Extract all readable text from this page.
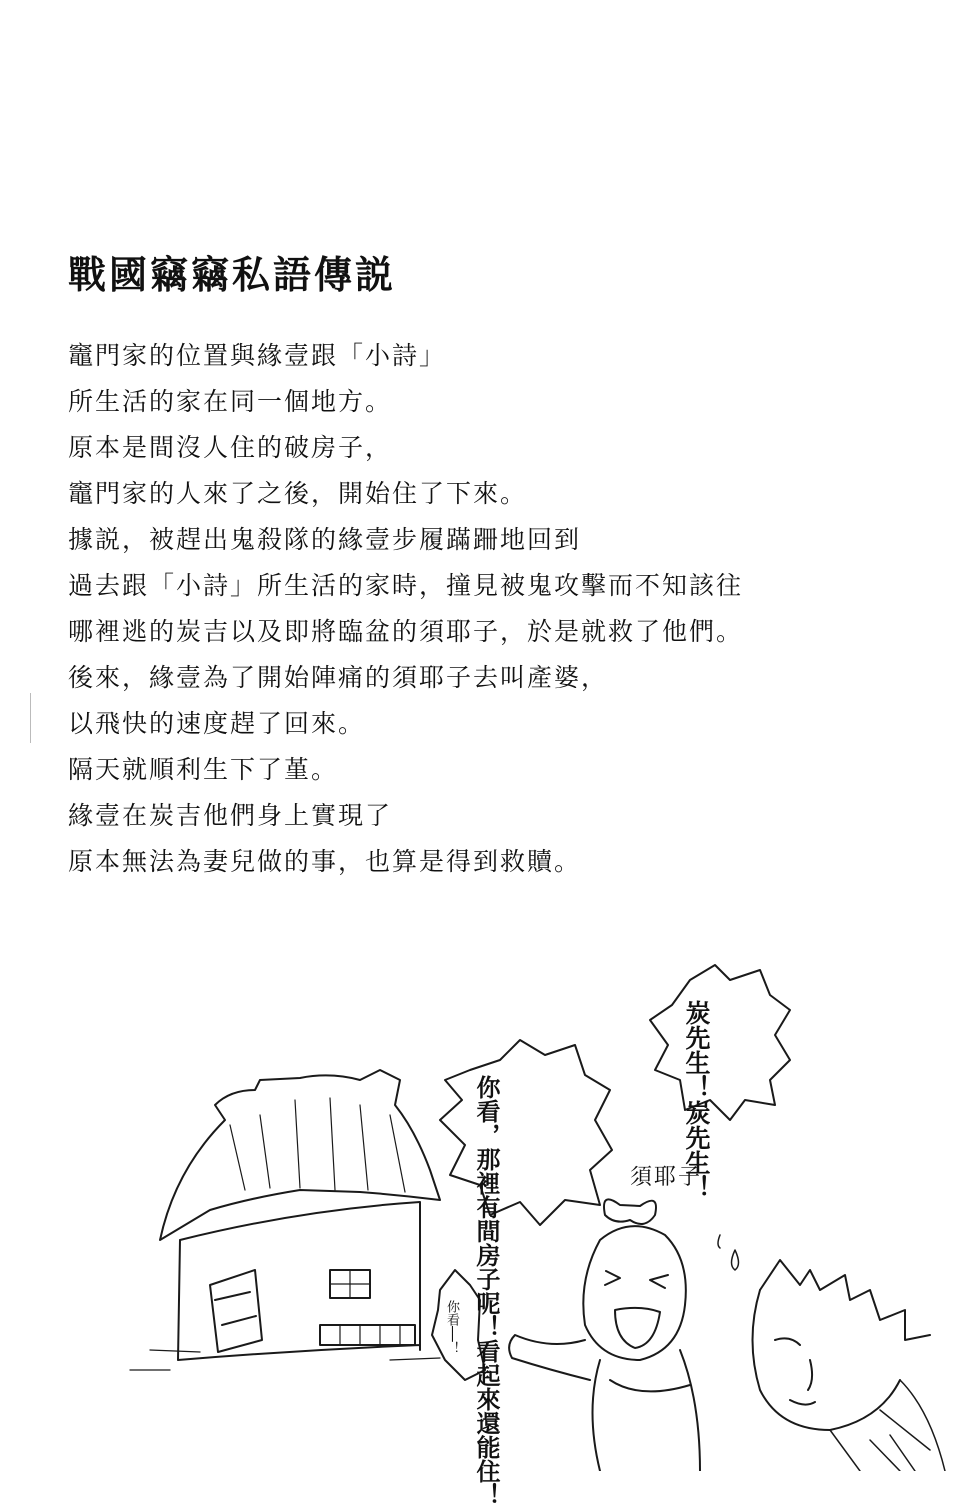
戰國竊竊私語傳説
竈門家的位置與緣壹跟「小詩」
所生活的家在同一個地方。
原本是間沒人住的破房子，
竈門家的人來了之後，開始住了下來。
據説，被趕出鬼殺隊的緣壹步履蹣跚地回到
過去跟「小詩」所生活的家時，撞見被鬼攻擊而不知該往
哪裡逃的炭吉以及即將臨盆的須耶子，於是就救了他們。
後來，緣壹為了開始陣痛的須耶子去叫產婆，
以飛快的速度趕了回來。
隔天就順利生下了堇。
緣壹在炭吉他們身上實現了
原本無法為妻兒做的事，也算是得到救贖。
炭先生！炭先生！
你看，那裡有間房子呢！看起來還能住！
你看──！
須耶子
